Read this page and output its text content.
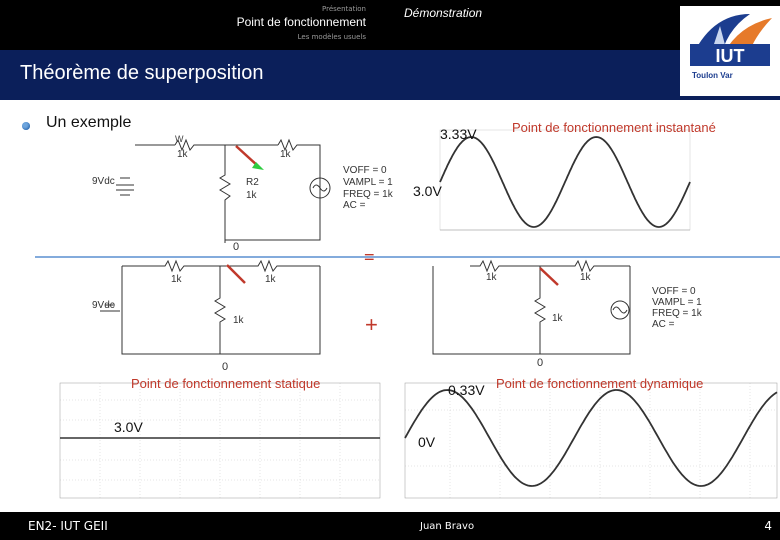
Présentation
Point de fonctionnement
Les modèles usuels
Démonstration
Théorème de superposition
IUT
Toulon Var
Un exemple
W
1k	1k
R2
1k
9Vdc
0
VOFF = 0
VAMPL = 1
FREQ = 1k
AC =
3.33V
3.0V
Point de fonctionnement instantané
=
1k	1k
1k
9Vdc
0
+
1k	1k
1k
0
VOFF = 0
VAMPL = 1
FREQ = 1k
AC =
Point de fonctionnement statique
3.0V
0.33V
0V
Point de fonctionnement dynamique
EN2- IUT GEII	Juan Bravo	4
